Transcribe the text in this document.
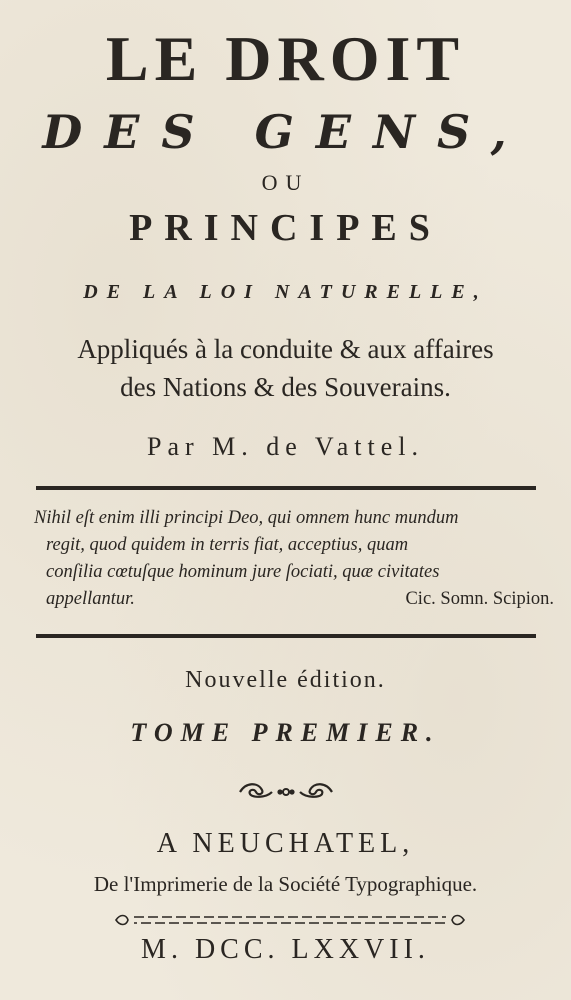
LE DROIT
DES GENS,
OU
PRINCIPES
DE LA LOI NATURELLE,
Appliqués à la conduite & aux affaires
des Nations & des Souverains.
Par M. de Vattel.
Nihil eſt enim illi principi Deo, qui omnem hunc mundum
regit, quod quidem in terris fiat, acceptius, quam
conſilia cœtuſque hominum jure ſociati, quæ civitates
appellantur.	Cic. Somn. Scipion.
Nouvelle édition.
TOME PREMIER.
A NEUCHATEL,
De l'Imprimerie de la Société Typographique.
M. DCC. LXXVII.
